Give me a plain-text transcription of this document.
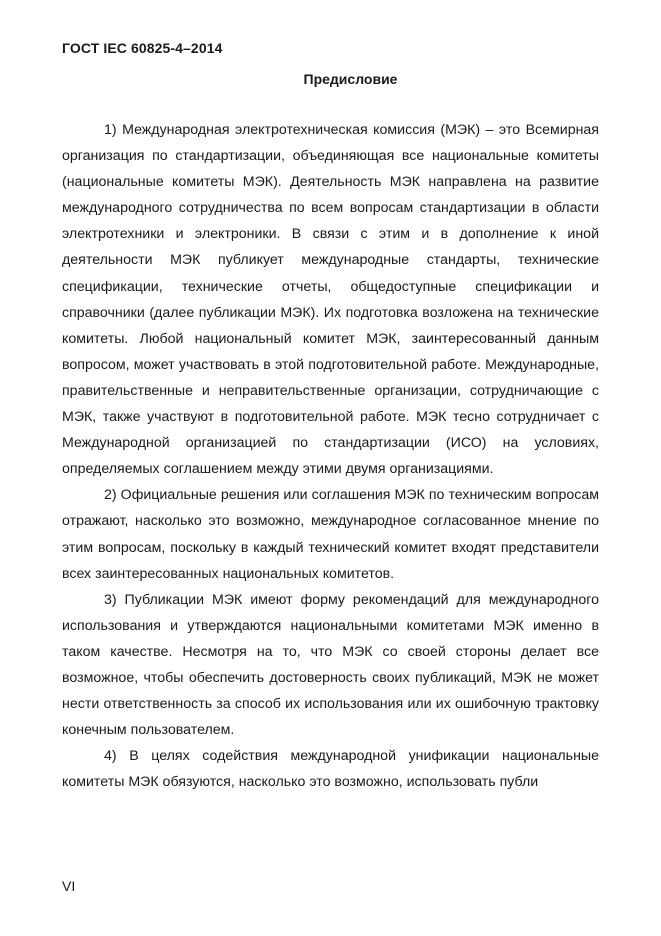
ГОСТ IEC 60825-4–2014
Предисловие

1) Международная электротехническая комиссия (МЭК) – это Всемирная организация по стандартизации, объединяющая все национальные комитеты (национальные комитеты МЭК). Деятельность МЭК направлена на развитие международного сотрудничества по всем вопросам стандартизации в области электротехники и электроники. В связи с этим и в дополнение к иной деятельности МЭК публикует международные стандарты, технические спецификации, технические отчеты, общедоступные спецификации и справочники (далее публикации МЭК). Их подготовка возложена на технические комитеты. Любой национальный комитет МЭК, заинтересованный данным вопросом, может участвовать в этой подготовительной работе. Международные, правительственные и неправительственные организации, сотрудничающие с МЭК, также участвуют в подготовительной работе. МЭК тесно сотрудничает с Международной организацией по стандартизации (ИСО) на условиях, определяемых соглашением между этими двумя организациями.

2) Официальные решения или соглашения МЭК по техническим вопросам отражают, насколько это возможно, международное согласованное мнение по этим вопросам, поскольку в каждый технический комитет входят представители всех заинтересованных национальных комитетов.

3) Публикации МЭК имеют форму рекомендаций для международного использования и утверждаются национальными комитетами МЭК именно в таком качестве. Несмотря на то, что МЭК со своей стороны делает все возможное, чтобы обеспечить достоверность своих публикаций, МЭК не может нести ответственность за способ их использования или их ошибочную трактовку конечным пользователем.

4) В целях содействия международной унификации национальные комитеты МЭК обязуются, насколько это возможно, использовать публи

VI
